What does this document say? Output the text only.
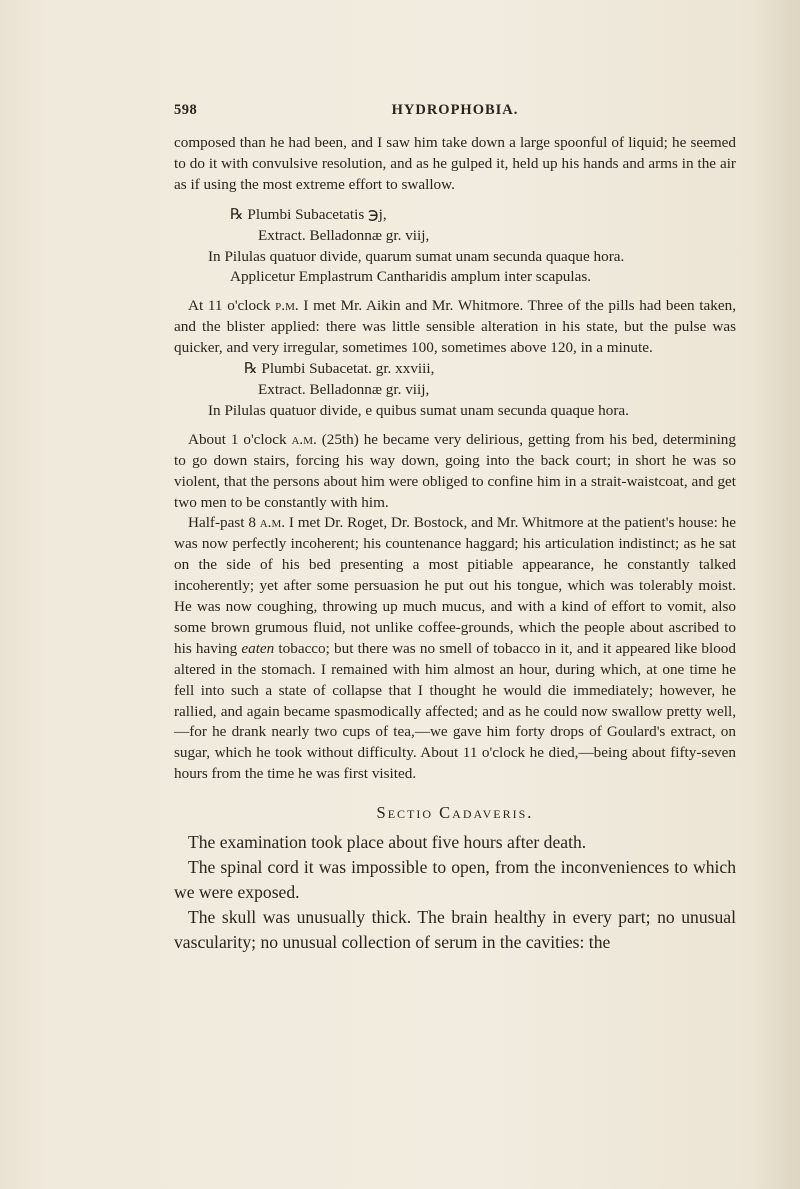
598	HYDROPHOBIA.

composed than he had been, and I saw him take down a large spoonful of liquid; he seemed to do it with convulsive resolution, and as he gulped it, held up his hands and arms in the air as if using the most extreme effort to swallow.

℞ Plumbi Subacetatis ℈j,

Extract. Belladonnæ gr. viij,

In Pilulas quatuor divide, quarum sumat unam secunda quaque hora.

Applicetur Emplastrum Cantharidis amplum inter scapulas.

At 11 o'clock p.m. I met Mr. Aikin and Mr. Whitmore. Three of the pills had been taken, and the blister applied: there was little sensible alteration in his state, but the pulse was quicker, and very irregular, sometimes 100, sometimes above 120, in a minute.

℞ Plumbi Subacetat. gr. xxviii,

Extract. Belladonnæ gr. viij,

In Pilulas quatuor divide, e quibus sumat unam secunda quaque hora.

About 1 o'clock a.m. (25th) he became very delirious, getting from his bed, determining to go down stairs, forcing his way down, going into the back court; in short he was so violent, that the persons about him were obliged to confine him in a strait-waistcoat, and get two men to be constantly with him.

Half-past 8 a.m. I met Dr. Roget, Dr. Bostock, and Mr. Whitmore at the patient's house: he was now perfectly incoherent; his countenance haggard; his articulation indistinct; as he sat on the side of his bed presenting a most pitiable appearance, he constantly talked incoherently; yet after some persuasion he put out his tongue, which was tolerably moist. He was now coughing, throwing up much mucus, and with a kind of effort to vomit, also some brown grumous fluid, not unlike coffee-grounds, which the people about ascribed to his having eaten tobacco; but there was no smell of tobacco in it, and it appeared like blood altered in the stomach. I remained with him almost an hour, during which, at one time he fell into such a state of collapse that I thought he would die immediately; however, he rallied, and again became spasmodically affected; and as he could now swallow pretty well,—for he drank nearly two cups of tea,—we gave him forty drops of Goulard's extract, on sugar, which he took without difficulty. About 11 o'clock he died,—being about fifty-seven hours from the time he was first visited.

Sectio Cadaveris.

The examination took place about five hours after death.

The spinal cord it was impossible to open, from the inconveniences to which we were exposed.

The skull was unusually thick. The brain healthy in every part; no unusual vascularity; no unusual collection of serum in the cavities: the
